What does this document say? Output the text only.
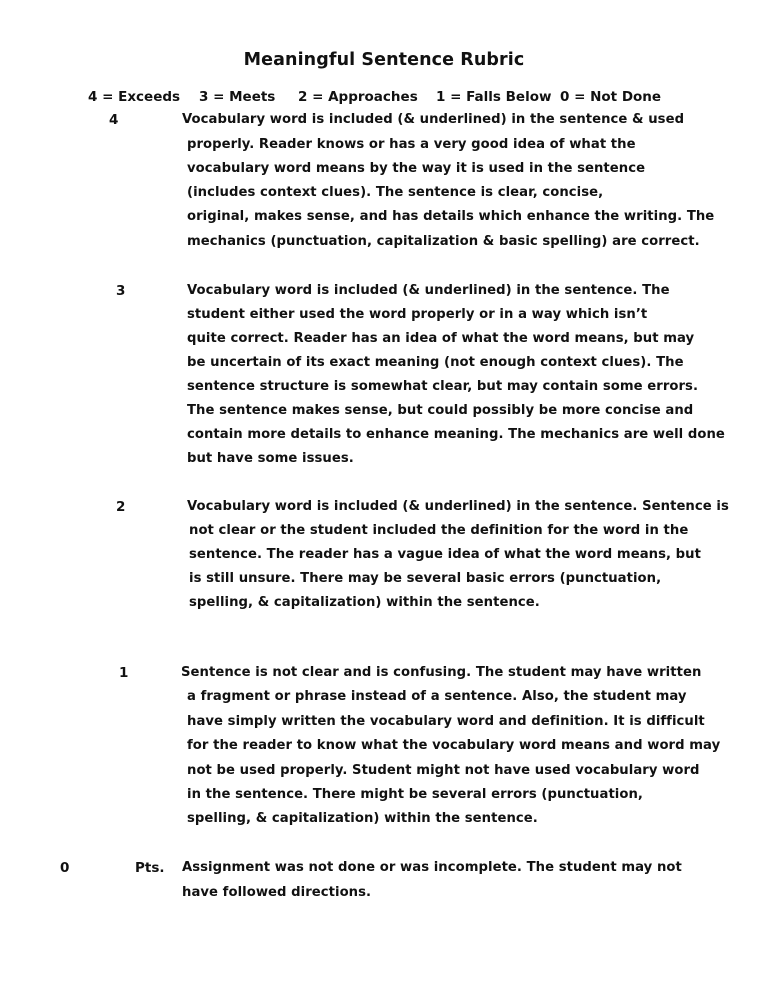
Meaningful Sentence Rubric
4 = Exceeds 3 = Meets 2 = Approaches 1 = Falls Below 0 = Not Done
4	Vocabulary word is included (& underlined) in the sentence & used
properly. Reader knows or has a very good idea of what the
vocabulary word means by the way it is used in the sentence
(includes context clues). The sentence is clear, concise,
original, makes sense, and has details which enhance the writing. The
mechanics (punctuation, capitalization & basic spelling) are correct.
3	Vocabulary word is included (& underlined) in the sentence. The
student either used the word properly or in a way which isn’t
quite correct. Reader has an idea of what the word means, but may
be uncertain of its exact meaning (not enough context clues). The
sentence structure is somewhat clear, but may contain some errors.
The sentence makes sense, but could possibly be more concise and
contain more details to enhance meaning. The mechanics are well done
but have some issues.
2	Vocabulary word is included (& underlined) in the sentence. Sentence is
not clear or the student included the definition for the word in the
sentence. The reader has a vague idea of what the word means, but
is still unsure. There may be several basic errors (punctuation,
spelling, & capitalization) within the sentence.
1	Sentence is not clear and is confusing. The student may have written
a fragment or phrase instead of a sentence. Also, the student may
have simply written the vocabulary word and definition. It is difficult
for the reader to know what the vocabulary word means and word may
not be used properly. Student might not have used vocabulary word
in the sentence. There might be several errors (punctuation,
spelling, & capitalization) within the sentence.
0	Pts. Assignment was not done or was incomplete. The student may not
have followed directions.
